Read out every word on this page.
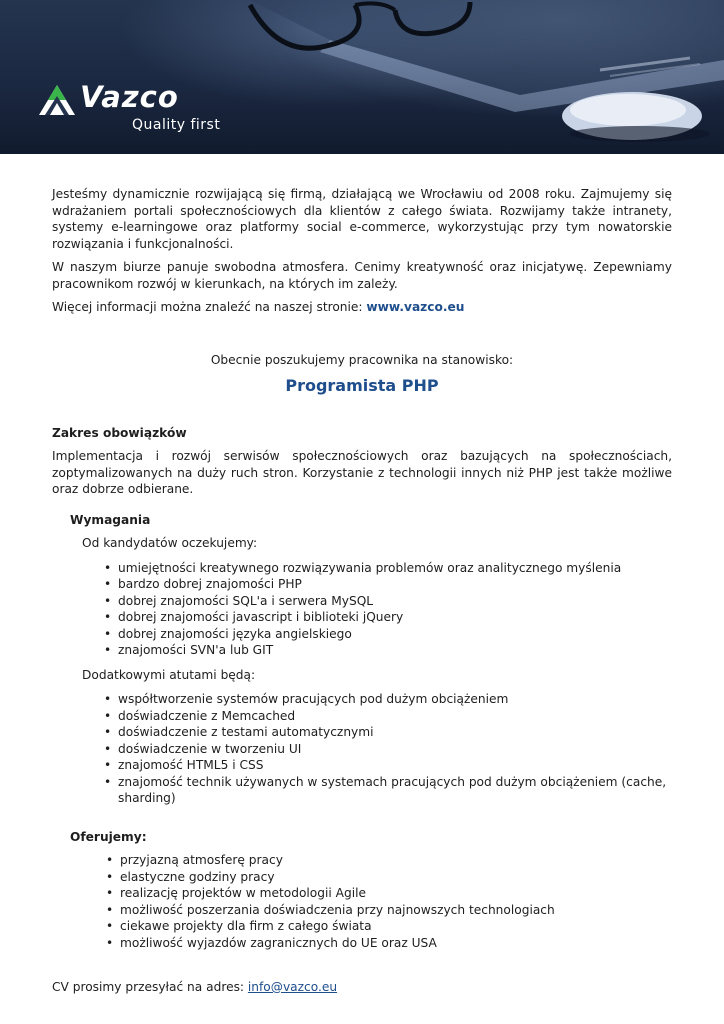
Vazco
Quality first

Jesteśmy dynamicznie rozwijającą się firmą, działającą we Wrocławiu od 2008 roku. Zajmujemy się wdrażaniem portali społecznościowych dla klientów z całego świata. Rozwijamy także intranety, systemy e-learningowe oraz platformy social e-commerce, wykorzystując przy tym nowatorskie rozwiązania i funkcjonalności.

W naszym biurze panuje swobodna atmosfera. Cenimy kreatywność oraz inicjatywę. Zepewniamy pracownikom rozwój w kierunkach, na których im zależy.

Więcej informacji można znaleźć na naszej stronie: www.vazco.eu

Obecnie poszukujemy pracownika na stanowisko:
Programista PHP
Zakres obowiązków

Implementacja i rozwój serwisów społecznościowych oraz bazujących na społecznościach, zoptymalizowanych na duży ruch stron. Korzystanie z technologii innych niż PHP jest także możliwe oraz dobrze odbierane.

Wymagania
Od kandydatów oczekujemy:
• umiejętności kreatywnego rozwiązywania problemów oraz analitycznego myślenia
• bardzo dobrej znajomości PHP
• dobrej znajomości SQL'a i serwera MySQL
• dobrej znajomości javascript i biblioteki jQuery
• dobrej znajomości języka angielskiego
• znajomości SVN'a lub GIT
Dodatkowymi atutami będą:
• współtworzenie systemów pracujących pod dużym obciążeniem
• doświadczenie z Memcached
• doświadczenie z testami automatycznymi
• doświadczenie w tworzeniu UI
• znajomość HTML5 i CSS
• znajomość technik używanych w systemach pracujących pod dużym obciążeniem (cache, sharding)
Oferujemy:
• przyjazną atmosferę pracy
• elastyczne godziny pracy
• realizację projektów w metodologii Agile
• możliwość poszerzania doświadczenia przy najnowszych technologiach
• ciekawe projekty dla firm z całego świata
• możliwość wyjazdów zagranicznych do UE oraz USA
CV prosimy przesyłać na adres: info@vazco.eu
